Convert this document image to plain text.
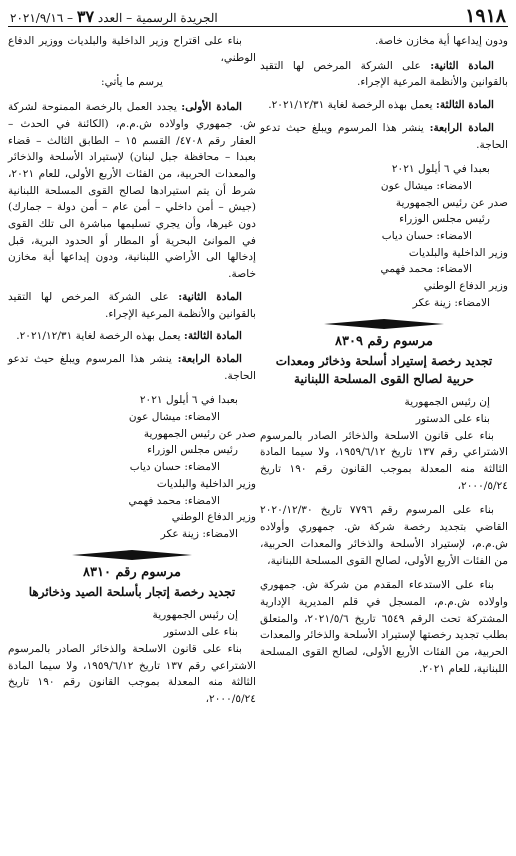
١٩١٨
الجريدة الرسمية – العدد ٣٧ – ٢٠٢١/٩/١٦

ودون إيداعها أية مخازن خاصة.

المادة الثانية: على الشركة المرخص لها التقيد بالقوانين والأنظمة المرعية الإجراء.

المادة الثالثة: يعمل بهذه الرخصة لغاية ٢٠٢١/١٢/٣١.

المادة الرابعة: ينشر هذا المرسوم ويبلغ حيث تدعو الحاجة.

بعبدا في ٦ أيلول ٢٠٢١

الامضاء: ميشال عون

صدر عن رئيس الجمهورية

رئيس مجلس الوزراء

الامضاء: حسان دياب

وزير الداخلية والبلديات

الامضاء: محمد فهمي

وزير الدفاع الوطني

الامضاء: زينة عكر

مرسوم رقم ٨٣٠٩
تجديد رخصة إستيراد أسلحة وذخائر ومعدات حربية لصالح القوى المسلحة اللبنانية

إن رئيس الجمهورية

بناء على الدستور

بناء على قانون الاسلحة والذخائر الصادر بالمرسوم الاشتراعي رقم ١٣٧ تاريخ ١٩٥٩/٦/١٢، ولا سيما المادة الثالثة منه المعدلة بموجب القانون رقم ١٩٠ تاريخ ٢٠٠٠/٥/٢٤،

بناء على المرسوم رقم ٧٧٩٦ تاريخ ٢٠٢٠/١٢/٣٠ القاضي بتجديد رخصة شركة ش. جمهوري وأولاده ش.م.م، لإستيراد الأسلحة والذخائر والمعدات الحربية، من الفئات الأربع الأولى، لصالح القوى المسلحة اللبنانية،

بناء على الاستدعاء المقدم من شركة ش. جمهوري واولاده ش.م.م، المسجل في قلم المديرية الإدارية المشتركة تحت الرقم ٦٥٤٩ تاريخ ٢٠٢١/٥/٦، والمتعلق بطلب تجديد رخصتها لإستيراد الأسلحة والذخائر والمعدات الحربية، من الفئات الأربع الأولى، لصالح القوى المسلحة اللبنانية، للعام ٢٠٢١.

بناء على اقتراح وزير الداخلية والبلديات ووزير الدفاع الوطني،

يرسم ما يأتي:

المادة الأولى: يجدد العمل بالرخصة الممنوحة لشركة ش. جمهوري واولاده ش.م.م، (الكائنة في الحدث – العقار رقم ٤٧٠٨/ القسم ١٥ – الطابق الثالث – قضاء بعبدا – محافظة جبل لبنان) لإستيراد الأسلحة والذخائر والمعدات الحربية، من الفئات الأربع الأولى، للعام ٢٠٢١، شرط أن يتم استيرادها لصالح القوى المسلحة اللبنانية (جيش – أمن داخلي – أمن عام – أمن دولة – جمارك) دون غيرها، وأن يجري تسليمها مباشرة الى تلك القوى في الموانئ البحرية أو المطار أو الحدود البرية، قبل إدخالها الى الأراضي اللبنانية، ودون إيداعها أية مخازن خاصة.

المادة الثانية: على الشركة المرخص لها التقيد بالقوانين والأنظمة المرعية الإجراء.

المادة الثالثة: يعمل بهذه الرخصة لغاية ٢٠٢١/١٢/٣١.

المادة الرابعة: ينشر هذا المرسوم ويبلغ حيث تدعو الحاجة.

بعبدا في ٦ أيلول ٢٠٢١

الامضاء: ميشال عون

صدر عن رئيس الجمهورية

رئيس مجلس الوزراء

الامضاء: حسان دياب

وزير الداخلية والبلديات

الامضاء: محمد فهمي

وزير الدفاع الوطني

الامضاء: زينة عكر

مرسوم رقم ٨٣١٠
تجديد رخصة إتجار بأسلحة الصيد وذخائرها

إن رئيس الجمهورية

بناء على الدستور

بناء على قانون الاسلحة والذخائر الصادر بالمرسوم الاشتراعي رقم ١٣٧ تاريخ ١٩٥٩/٦/١٢، ولا سيما المادة الثالثة منه المعدلة بموجب القانون رقم ١٩٠ تاريخ ٢٠٠٠/٥/٢٤،
